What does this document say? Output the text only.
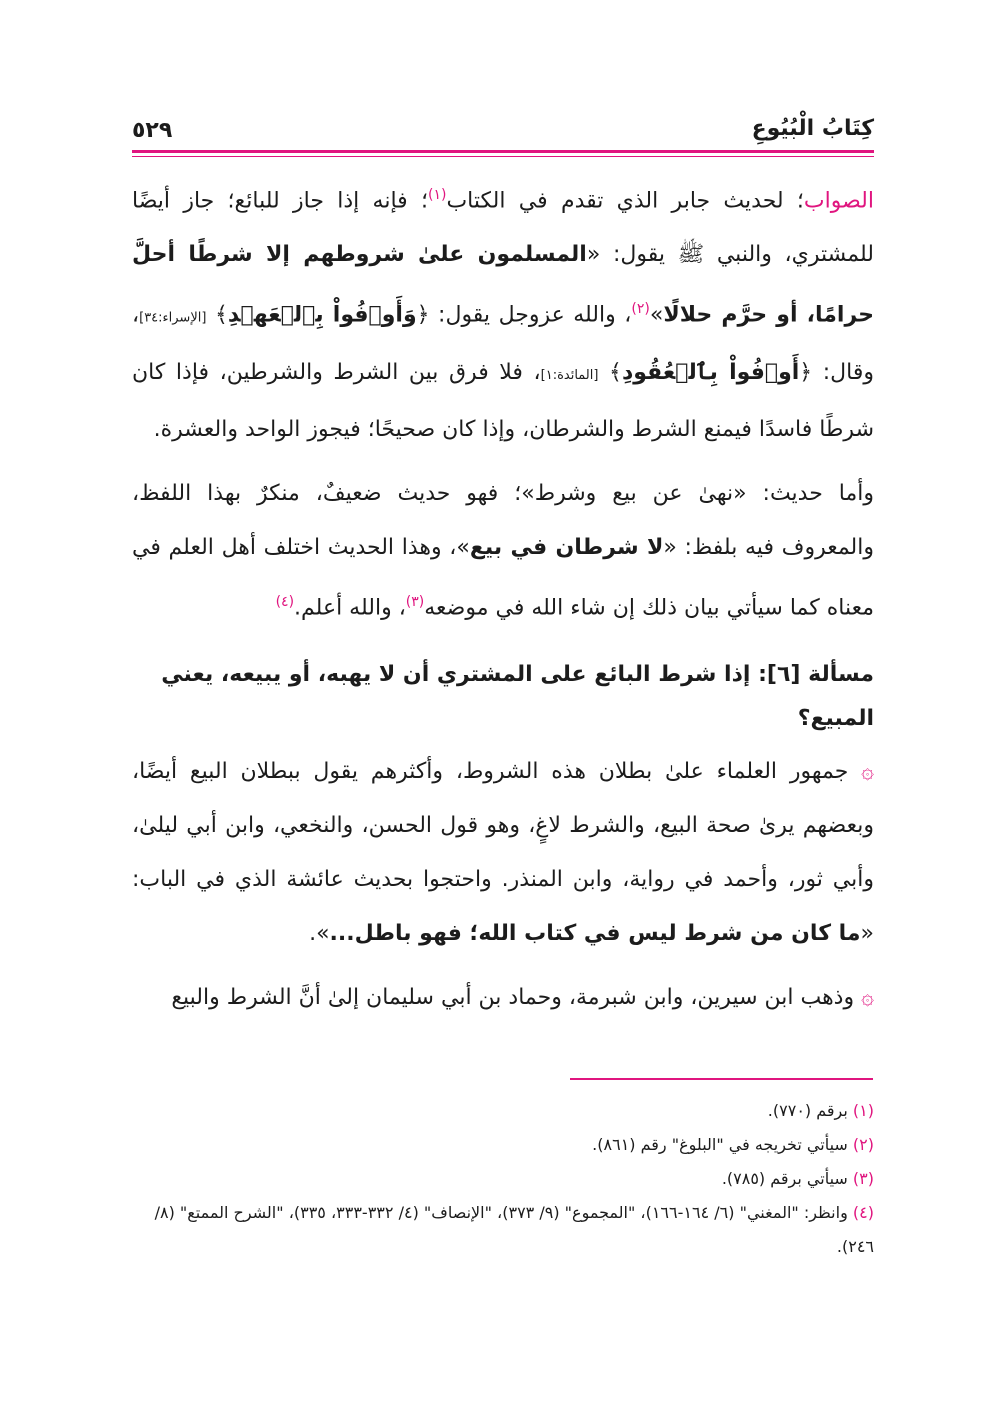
٥٢٩	كِتَابُ الْبُيُوعِ

الصواب؛ لحديث جابر الذي تقدم في الكتاب$^{(١)}$؛ فإنه إذا جاز للبائع؛ جاز أيضًا للمشتري، والنبي ﷺ يقول: «المسلمون علىٰ شروطهم إلا شرطًا أحلَّ حرامًا، أو حرَّم حلالًا»$^{(٢)}$، والله عزوجل يقول: ﴿وَأَوۡفُواْ بِٱلۡعَهۡدِ﴾ [الإسراء:٣٤]، وقال: ﴿أَوۡفُواْ بِٱلۡعُقُودِ﴾ [المائدة:١]، فلا فرق بين الشرط والشرطين، فإذا كان شرطًا فاسدًا فيمنع الشرط والشرطان، وإذا كان صحيحًا؛ فيجوز الواحد والعشرة.

وأما حديث: «نهىٰ عن بيع وشرط»؛ فهو حديث ضعيفٌ، منكرٌ بهذا اللفظ، والمعروف فيه بلفظ: «لا شرطان في بيع»، وهذا الحديث اختلف أهل العلم في معناه كما سيأتي بيان ذلك إن شاء الله في موضعه$^{(٣)}$، والله أعلم.$^{(٤)}$

مسألة [٦]: إذا شرط البائع على المشتري أن لا يهبه، أو يبيعه، يعني المبيع؟

۞ جمهور العلماء علىٰ بطلان هذه الشروط، وأكثرهم يقول ببطلان البيع أيضًا، وبعضهم يرىٰ صحة البيع، والشرط لاغٍ، وهو قول الحسن، والنخعي، وابن أبي ليلىٰ، وأبي ثور، وأحمد في رواية، وابن المنذر. واحتجوا بحديث عائشة الذي في الباب: «ما كان من شرط ليس في كتاب الله؛ فهو باطل...».

۞ وذهب ابن سيرين، وابن شبرمة، وحماد بن أبي سليمان إلىٰ أنَّ الشرط والبيع

(١) برقم (٧٧٠).

(٢) سيأتي تخريجه في "البلوغ" رقم (٨٦١).

(٣) سيأتي برقم (٧٨٥).

(٤) وانظر: "المغني" (٦/ ١٦٤-١٦٦)، "المجموع" (٩/ ٣٧٣)، "الإنصاف" (٤/ ٣٣٢-٣٣٣، ٣٣٥)، "الشرح الممتع" (٨/ ٢٤٦).
